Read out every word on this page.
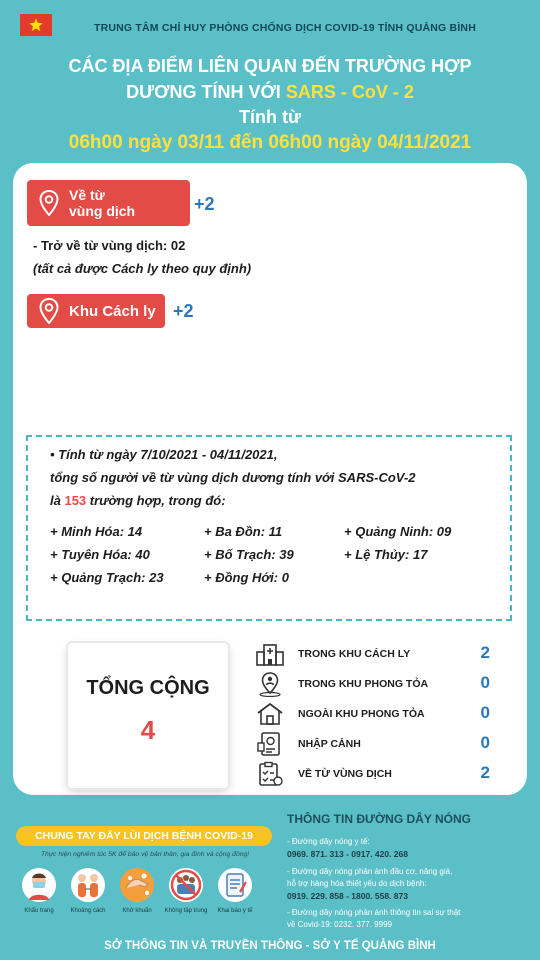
TRUNG TÂM CHỈ HUY PHÒNG CHỐNG DỊCH COVID-19 TỈNH QUẢNG BÌNH
CÁC ĐỊA ĐIỂM LIÊN QUAN ĐẾN TRƯỜNG HỢP
DƯƠNG TÍNH VỚI SARS - CoV - 2
Tính từ
06h00 ngày 03/11 đến 06h00 ngày 04/11/2021
Về từ
vùng dịch	+2
- Trở về từ vùng dịch: 02
(tất cả được Cách ly theo quy định)
Khu Cách ly +2
• Tính từ ngày 7/10/2021 - 04/11/2021,
tổng số người về từ vùng dịch dương tính với SARS-CoV-2
là 153 trường hợp, trong đó:
+ Minh Hóa: 14	+ Ba Đồn: 11	+ Quảng Ninh: 09
+ Tuyên Hóa: 40	+ Bố Trạch: 39	+ Lệ Thủy: 17
+ Quảng Trạch: 23	+ Đồng Hới: 0
TỔNG CỘNG
4
TRONG KHU CÁCH LY	2
TRONG KHU PHONG TỎA	0
NGOÀI KHU PHONG TỎA	0
NHẬP CẢNH	0
VỀ TỪ VÙNG DỊCH	2
CHUNG TAY ĐẨY LÙI DỊCH BỆNH COVID-19
Thực hiện nghiêm túc 5K để bảo vệ bản thân, gia đình và cộng đồng!
Khẩu trang	Khoảng cách	Khử khuẩn	Không tập trung	Khai báo y tế
THÔNG TIN ĐƯỜNG DÂY NÓNG
- Đường dây nóng y tế:
0969. 871. 313 - 0917. 420. 268
- Đường dây nóng phản ánh đầu cơ, nâng giá,
hỗ trợ hàng hóa thiết yếu do dịch bệnh:
0919. 229. 858 - 1800. 558. 873
- Đường dây nóng phản ánh thông tin sai sự thật
về Covid-19: 0232. 377. 9999
SỞ THÔNG TIN VÀ TRUYỀN THÔNG - SỞ Y TẾ QUẢNG BÌNH
